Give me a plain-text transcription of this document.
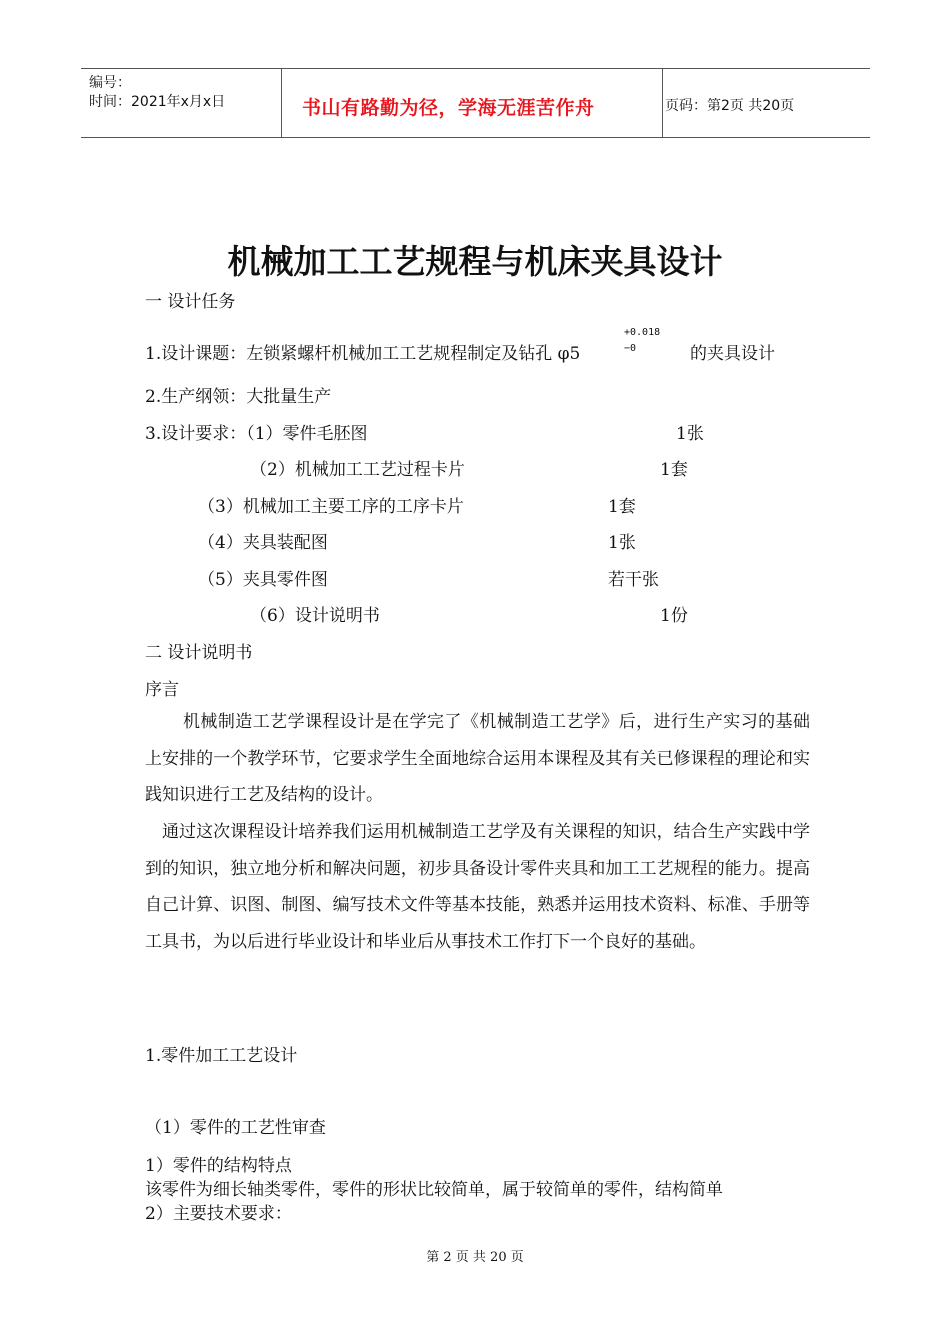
编号：
时间：2021年x月x日	书山有路勤为径，学海无涯苦作舟	页码：第2页 共20页
机械加工工艺规程与机床夹具设计
一 设计任务
1.设计课题：左锁紧螺杆机械加工工艺规程制定及钻孔 φ5
+0.018
−0	的夹具设计
2.生产纲领：大批量生产
3.设计要求：（1）零件毛胚图	1张
（2）机械加工工艺过程卡片	1套
（3）机械加工主要工序的工序卡片	1套
（4）夹具装配图	1张
（5）夹具零件图	若干张
（6）设计说明书	1份
二 设计说明书
序言
机械制造工艺学课程设计是在学完了《机械制造工艺学》后，进行生产实习的基础上安排的一个教学环节，它要求学生全面地综合运用本课程及其有关已修课程的理论和实践知识进行工艺及结构的设计。
通过这次课程设计培养我们运用机械制造工艺学及有关课程的知识，结合生产实践中学到的知识，独立地分析和解决问题，初步具备设计零件夹具和加工工艺规程的能力。提高自己计算、识图、制图、编写技术文件等基本技能，熟悉并运用技术资料、标准、手册等工具书，为以后进行毕业设计和毕业后从事技术工作打下一个良好的基础。
1.零件加工工艺设计
（1）零件的工艺性审查
1）零件的结构特点
该零件为细长轴类零件，零件的形状比较简单，属于较简单的零件，结构简单
2）主要技术要求：
第 2 页 共 20 页
